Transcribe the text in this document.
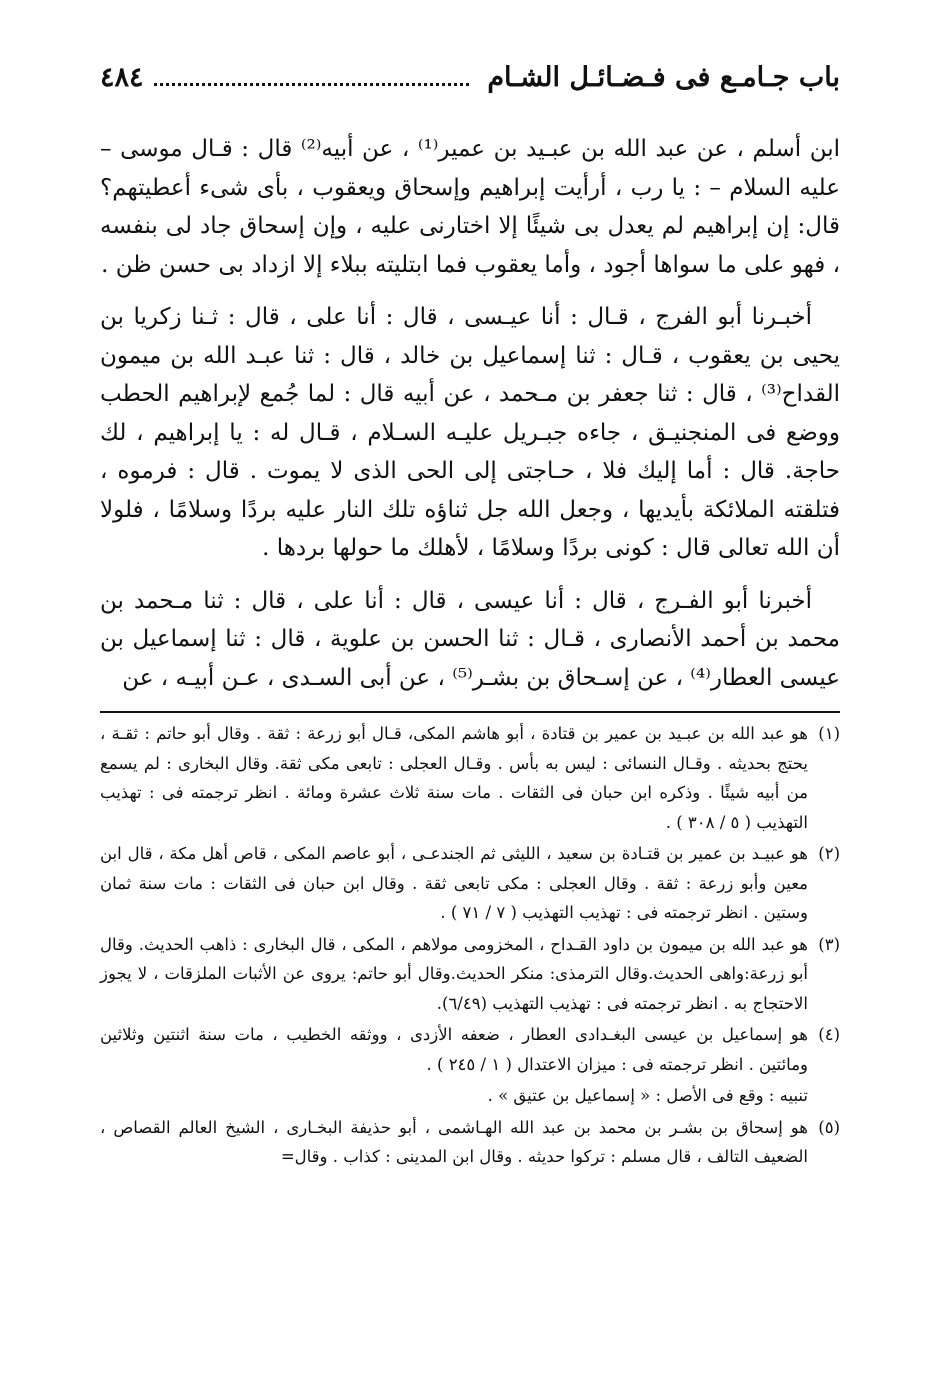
باب جـامـع فى فـضـائـل الشـام
٤٨٤

ابن أسلم ، عن عبد الله بن عبـيد بن عمير⁽¹⁾ ، عن أبيه⁽²⁾ قال : قـال موسى – عليه السلام – : يا رب ، أرأيت إبراهيم وإسحاق ويعقوب ، بأى شىء أعطيتهم؟ قال: إن إبراهيم لم يعدل بى شيئًا إلا اختارنى عليه ، وإن إسحاق جاد لى بنفسه ، فهو على ما سواها أجود ، وأما يعقوب فما ابتليته ببلاء إلا ازداد بى حسن ظن .

أخبـرنا أبو الفرج ، قـال : أنا عيـسى ، قال : أنا على ، قال : ثـنا زكريا بن يحيى بن يعقوب ، قـال : ثنا إسماعيل بن خالد ، قال : ثنا عبـد الله بن ميمون القداح⁽³⁾ ، قال : ثنا جعفر بن مـحمد ، عن أبيه قال : لما جُمع لإبراهيم الحطب ووضع فى المنجنيـق ، جاءه جبـريل عليـه السـلام ، قـال له : يا إبراهيم ، لك حاجة. قال : أما إليك فلا ، حـاجتى إلى الحى الذى لا يموت . قال : فرموه ، فتلقته الملائكة بأيديها ، وجعل الله جل ثناؤه تلك النار عليه بردًا وسلامًا ، فلولا أن الله تعالى قال : كونى بردًا وسلامًا ، لأهلك ما حولها بردها .

أخبرنا أبو الفـرج ، قال : أنا عيسى ، قال : أنا على ، قال : ثنا مـحمد بن محمد بن أحمد الأنصارى ، قـال : ثنا الحسن بن علوية ، قال : ثنا إسماعيل بن عيسى العطار⁽⁴⁾ ، عن إسـحاق بن بشـر⁽⁵⁾ ، عن أبى السـدى ، عـن أبيـه ، عن

(١)
هو عبد الله بن عبـيد بن عمير بن قتادة ، أبو هاشم المكى، قـال أبو زرعة : ثقة . وقال أبو حاتم : ثقـة ، يحتج بحديثه . وقـال النسائى : ليس به بأس . وقـال العجلى : تابعى مكى ثقة. وقال البخارى : لم يسمع من أبيه شيئًا . وذكره ابن حبان فى الثقات . مات سنة ثلاث عشرة ومائة . انظر ترجمته فى : تهذيب التهذيب ( ٥ / ٣٠٨ ) .
(٢)
هو عبيـد بن عمير بن قتـادة بن سعيد ، الليثى ثم الجندعـى ، أبو عاصم المكى ، قاص أهل مكة ، قال ابن معين وأبو زرعة : ثقة . وقال العجلى : مكى تابعى ثقة . وقال ابن حبان فى الثقات : مات سنة ثمان وستين . انظر ترجمته فى : تهذيب التهذيب ( ٧ / ٧١ ) .
(٣)
هو عبد الله بن ميمون بن داود القـداح ، المخزومى مولاهم ، المكى ، قال البخارى : ذاهب الحديث. وقال أبو زرعة:واهى الحديث.وقال الترمذى: منكر الحديث.وقال أبو حاتم: يروى عن الأثبات الملزقات ، لا يجوز الاحتجاج به . انظر ترجمته فى : تهذيب التهذيب (٦/٤٩).
(٤)
هو إسماعيل بن عيسى البغـدادى العطار ، ضعفه الأزدى ، ووثقه الخطيب ، مات سنة اثنتين وثلاثين ومائتين . انظر ترجمته فى : ميزان الاعتدال ( ١ / ٢٤٥ ) .
تنبيه : وقع فى الأصل : « إسماعيل بن عتيق » .
(٥)
هو إسحاق بن بشـر بن محمد بن عبد الله الهـاشمى ، أبو حذيفة البخـارى ، الشيخ العالم القصاص ، الضعيف التالف ، قال مسلم : تركوا حديثه . وقال ابن المدينى : كذاب . وقال=
